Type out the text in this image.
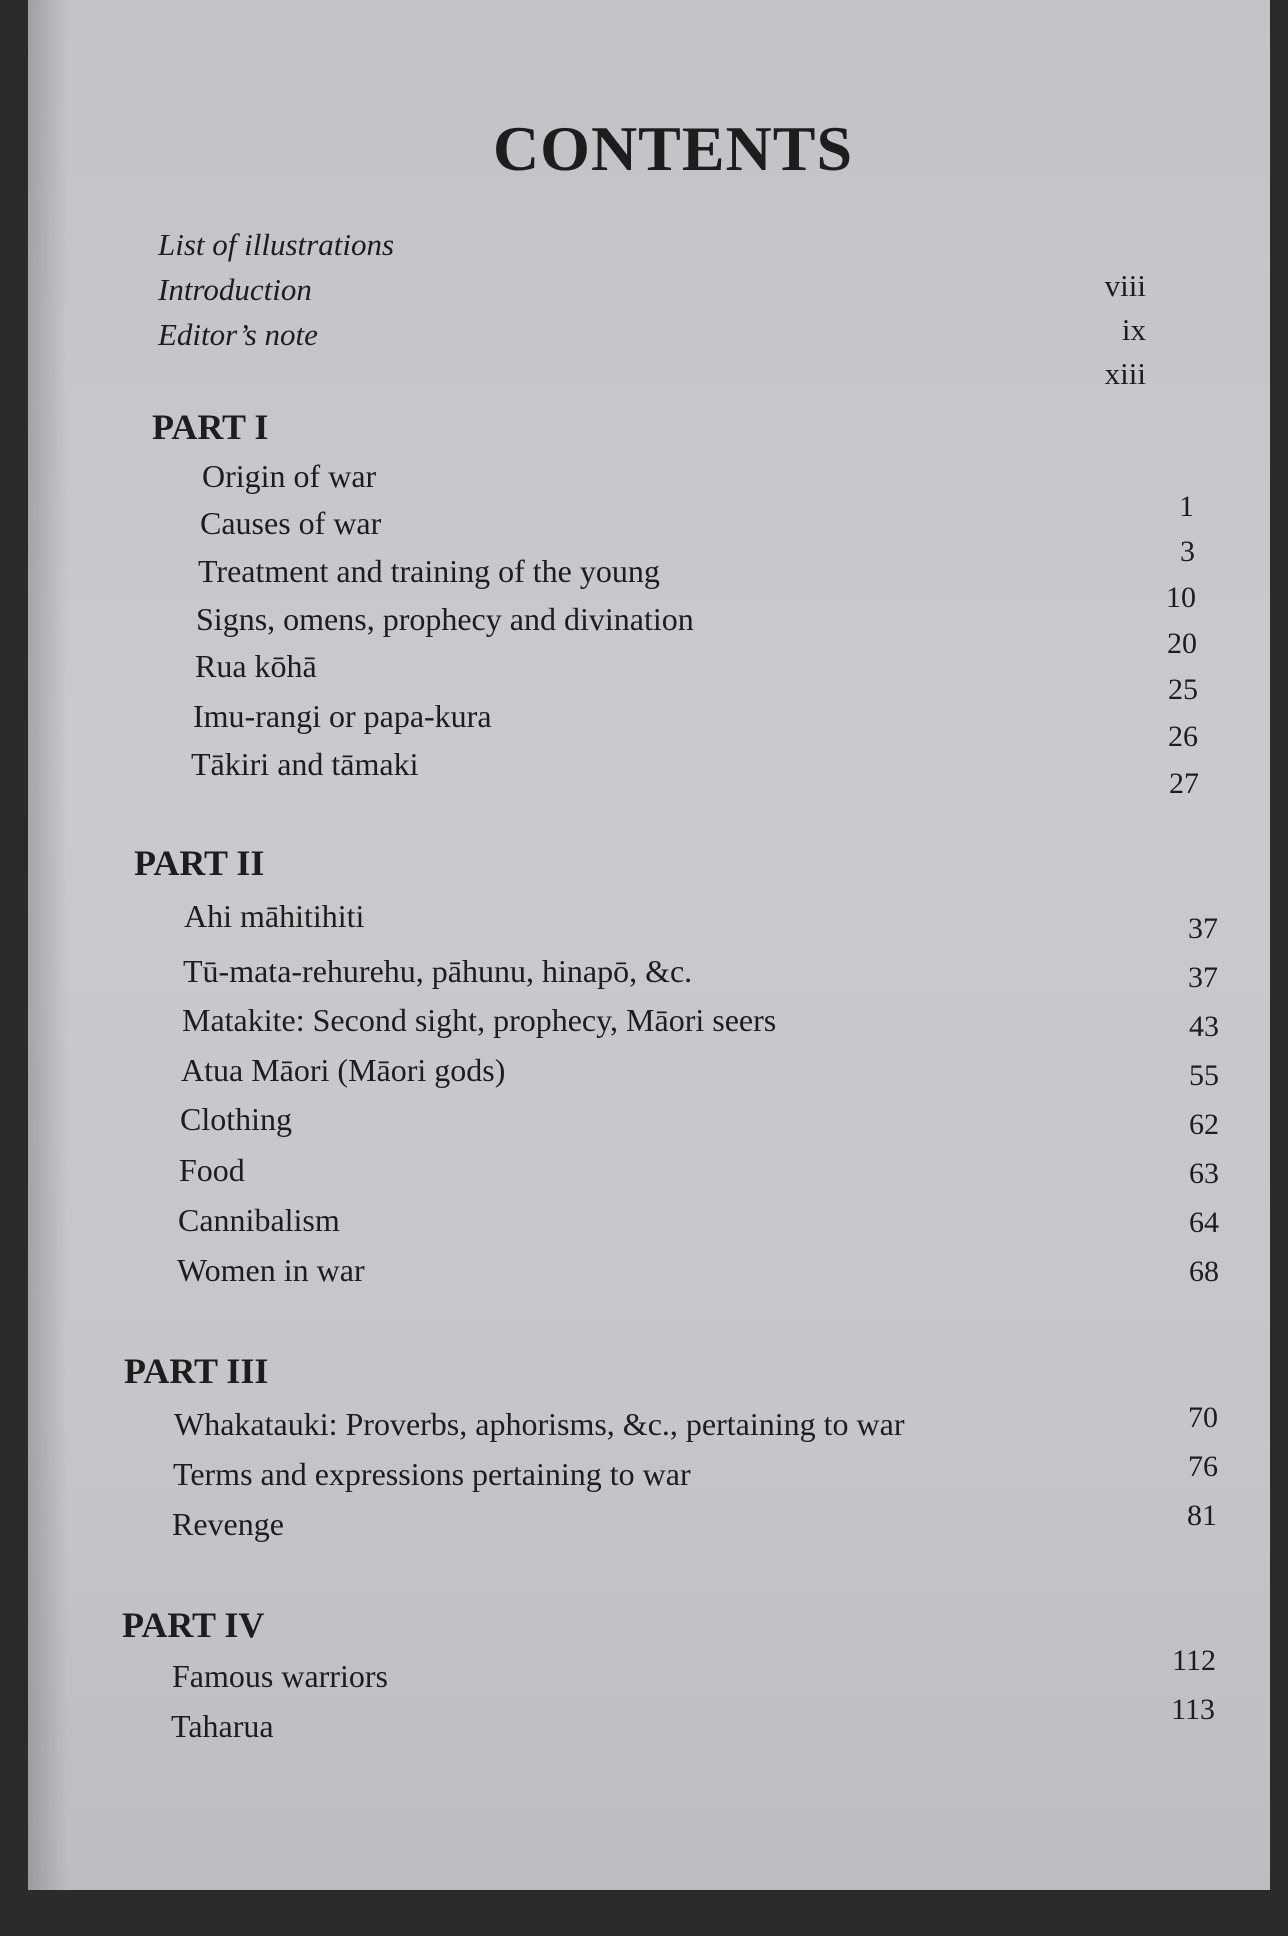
CONTENTS
List of illustrations
Introduction
Editor’s note
viii
ix
xiii
PART I
Origin of war
Causes of war
Treatment and training of the young
Signs, omens, prophecy and divination
Rua kōhā
Imu-rangi or papa-kura
Tākiri and tāmaki
1
3
10
20
25
26
27
PART II
Ahi māhitihiti
Tū-mata-rehurehu, pāhunu, hinapō, &c.
Matakite: Second sight, prophecy, Māori seers
Atua Māori (Māori gods)
Clothing
Food
Cannibalism
Women in war
37
37
43
55
62
63
64
68
PART III
Whakatauki: Proverbs, aphorisms, &c., pertaining to war
Terms and expressions pertaining to war
Revenge
70
76
81
PART IV
Famous warriors
Taharua
112
113
